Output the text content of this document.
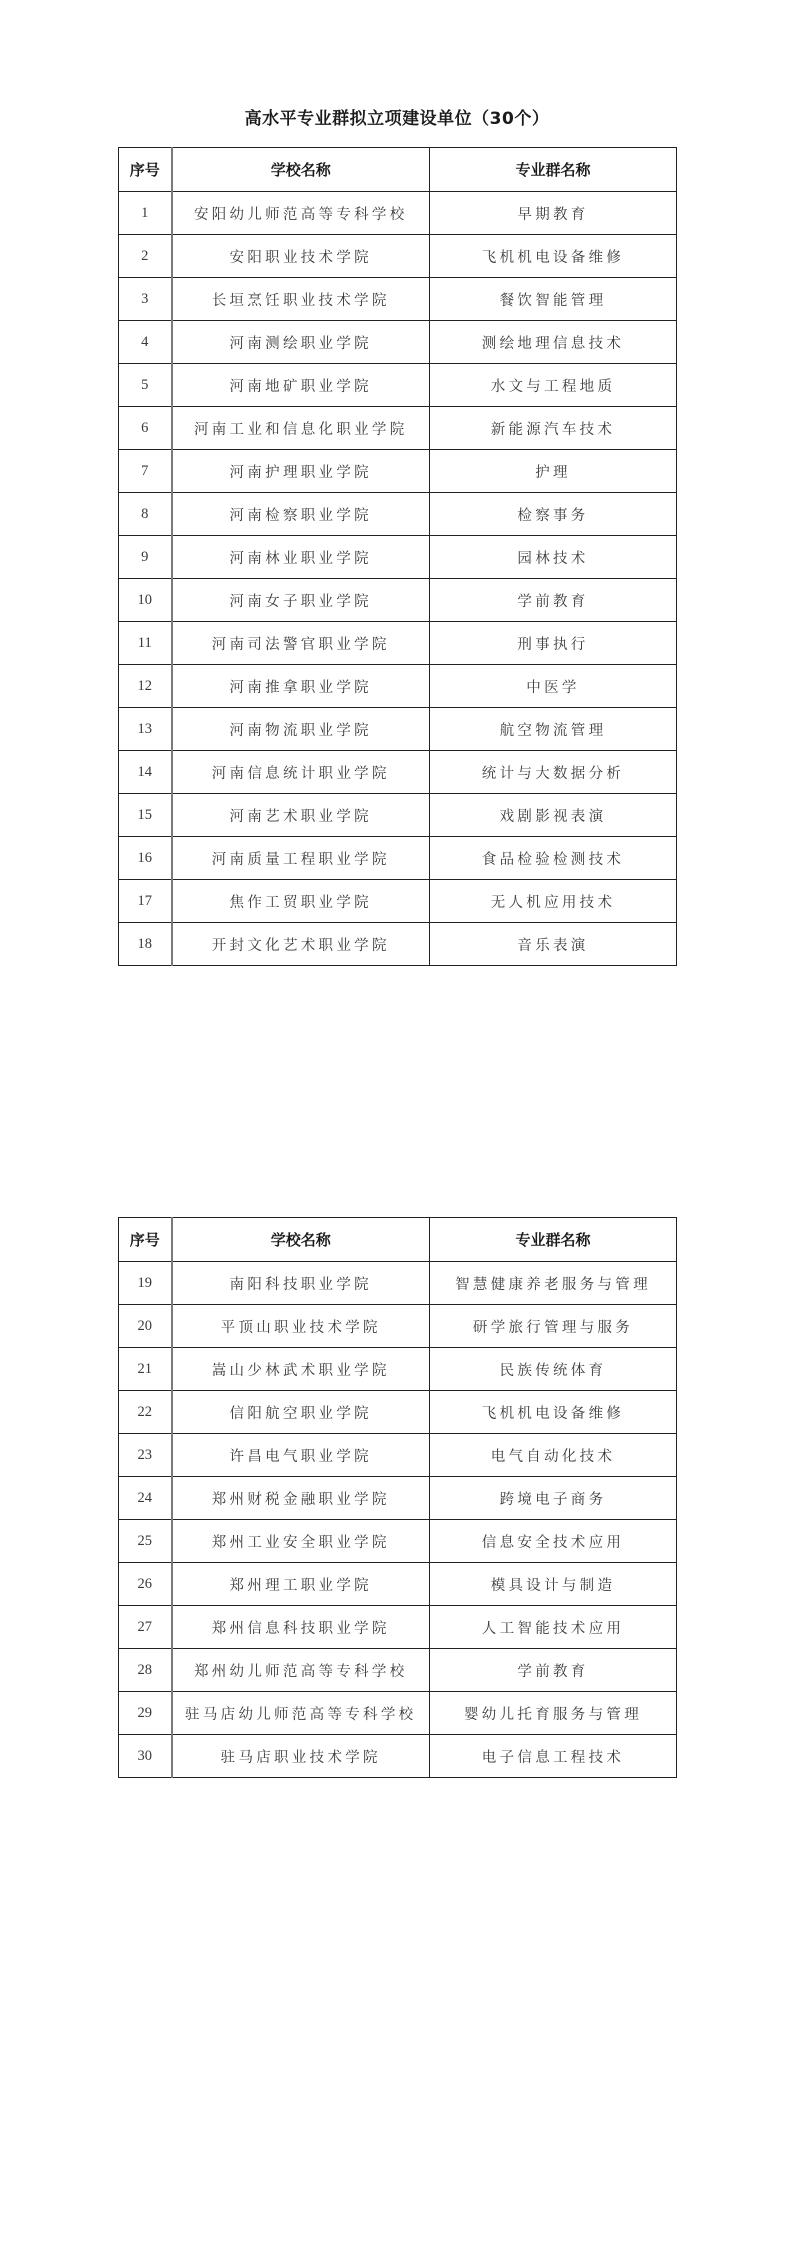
高水平专业群拟立项建设单位（30个）
序号	学校名称	专业群名称
1	安阳幼儿师范高等专科学校	早期教育
2	安阳职业技术学院	飞机机电设备维修
3	长垣烹饪职业技术学院	餐饮智能管理
4	河南测绘职业学院	测绘地理信息技术
5	河南地矿职业学院	水文与工程地质
6	河南工业和信息化职业学院	新能源汽车技术
7	河南护理职业学院	护理
8	河南检察职业学院	检察事务
9	河南林业职业学院	园林技术
10	河南女子职业学院	学前教育
11	河南司法警官职业学院	刑事执行
12	河南推拿职业学院	中医学
13	河南物流职业学院	航空物流管理
14	河南信息统计职业学院	统计与大数据分析
15	河南艺术职业学院	戏剧影视表演
16	河南质量工程职业学院	食品检验检测技术
17	焦作工贸职业学院	无人机应用技术
18	开封文化艺术职业学院	音乐表演
序号	学校名称	专业群名称
19	南阳科技职业学院	智慧健康养老服务与管理
20	平顶山职业技术学院	研学旅行管理与服务
21	嵩山少林武术职业学院	民族传统体育
22	信阳航空职业学院	飞机机电设备维修
23	许昌电气职业学院	电气自动化技术
24	郑州财税金融职业学院	跨境电子商务
25	郑州工业安全职业学院	信息安全技术应用
26	郑州理工职业学院	模具设计与制造
27	郑州信息科技职业学院	人工智能技术应用
28	郑州幼儿师范高等专科学校	学前教育
29	驻马店幼儿师范高等专科学校	婴幼儿托育服务与管理
30	驻马店职业技术学院	电子信息工程技术
